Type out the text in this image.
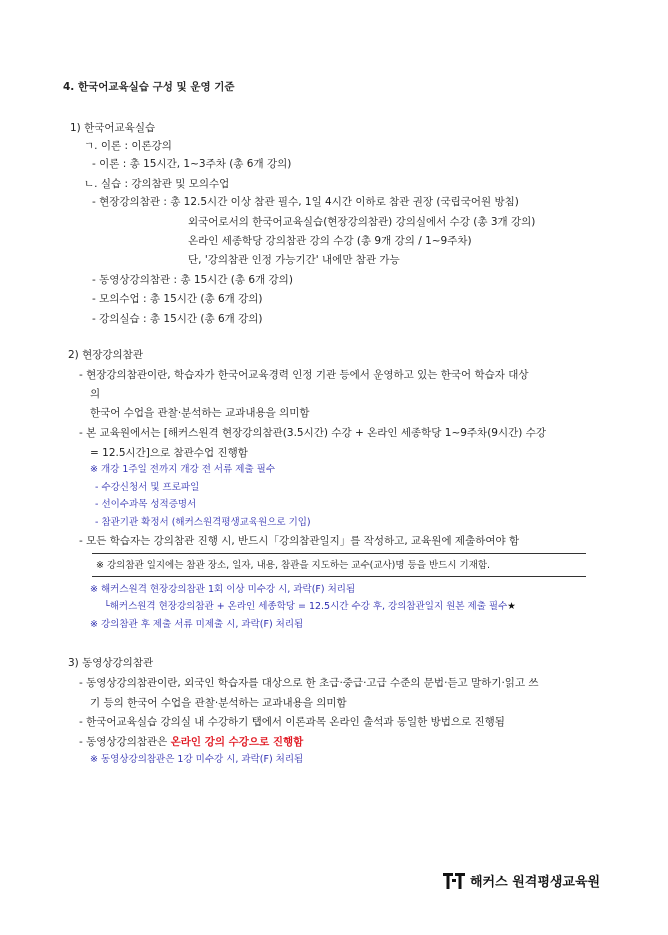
4. 한국어교육실습 구성 및 운영 기준
1) 한국어교육실습
ㄱ. 이론 : 이론강의
- 이론 : 총 15시간, 1~3주차 (총 6개 강의)
ㄴ. 실습 : 강의참관 및 모의수업
- 현장강의참관 : 총 12.5시간 이상 참관 필수, 1일 4시간 이하로 참관 권장 (국립국어원 방침)
외국어로서의 한국어교육실습(현장강의참관) 강의실에서 수강 (총 3개 강의)
온라인 세종학당 강의참관 강의 수강 (총 9개 강의 / 1~9주차)
단, '강의참관 인정 가능기간' 내에만 참관 가능
- 동영상강의참관 : 총 15시간 (총 6개 강의)
- 모의수업 : 총 15시간 (총 6개 강의)
- 강의실습 : 총 15시간 (총 6개 강의)
2) 현장강의참관
- 현장강의참관이란, 학습자가 한국어교육경력 인정 기관 등에서 운영하고 있는 한국어 학습자 대상
의
한국어 수업을 관찰·분석하는 교과내용을 의미함
- 본 교육원에서는 [해커스원격 현장강의참관(3.5시간) 수강 + 온라인 세종학당 1~9주차(9시간) 수강
= 12.5시간]으로 참관수업 진행함
※ 개강 1주일 전까지 개강 전 서류 제출 필수
- 수강신청서 및 프로파일
- 선이수과목 성적증명서
- 참관기관 확정서 (해커스원격평생교육원으로 기입)
- 모든 학습자는 강의참관 진행 시, 반드시「강의참관일지」를 작성하고, 교육원에 제출하여야 함
※ 강의참관 일지에는 참관 장소, 일자, 내용, 참관을 지도하는 교수(교사)명 등을 반드시 기재함.
※ 해커스원격 현장강의참관 1회 이상 미수강 시, 과락(F) 처리됨
└해커스원격 현장강의참관 + 온라인 세종학당 = 12.5시간 수강 후, 강의참관일지 원본 제출 필수★
※ 강의참관 후 제출 서류 미제출 시, 과락(F) 처리됨
3) 동영상강의참관
- 동영상강의참관이란, 외국인 학습자를 대상으로 한 초급·중급·고급 수준의 문법·듣고 말하기·읽고 쓰
기 등의 한국어 수업을 관찰·분석하는 교과내용을 의미함
- 한국어교육실습 강의실 내 수강하기 탭에서 이론과목 온라인 출석과 동일한 방법으로 진행됨
- 동영상강의참관은 온라인 강의 수강으로 진행함
※ 동영상강의참관은 1강 미수강 시, 과락(F) 처리됨
해커스 원격평생교육원
